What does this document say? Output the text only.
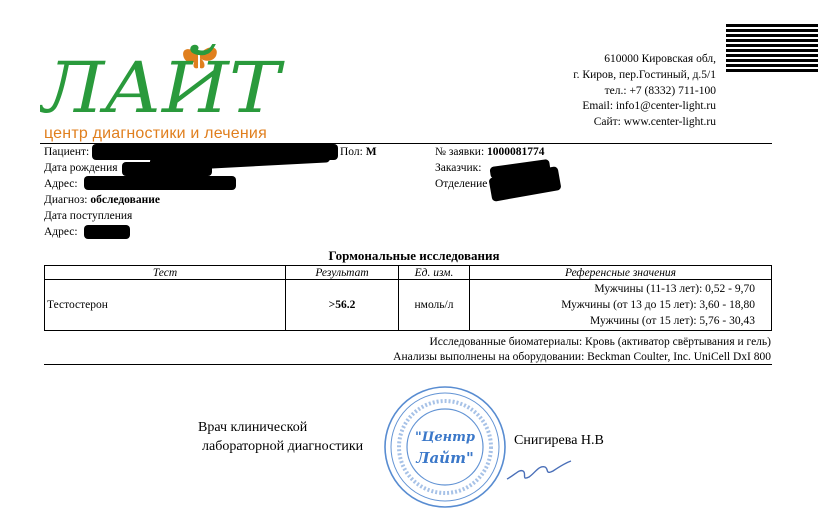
ЛАЙТ
центр диагностики и лечения
610000 Кировская обл,
г. Киров, пер.Гостиный, д.5/1
тел.: +7 (8332) 711-100
Email: info1@center-light.ru
Сайт: www.center-light.ru
Пациент:	Пол: М
Дата рождения
Адрес:
Диагноз: обследование
Дата поступления
Адрес:
№ заявки: 1000081774
Заказчик:
Отделение
Гормональные исследования
Тест	Результат	Ед. изм.	Референсные значения
Тестостерон	>56.2	нмоль/л	Мужчины (11-13 лет): 0,52 - 9,70
Мужчины (от 13 до 15 лет): 3,60 - 18,80
Мужчины (от 15 лет): 5,76 - 30,43
Исследованные биоматериалы: Кровь (активатор свёртывания и гель)
Анализы выполнены на оборудовании: Beckman Coulter, Inc. UniCell DxI 800
Врач клинической
лабораторной диагностики	Снигирева Н.В
"Центр
Лайт"
